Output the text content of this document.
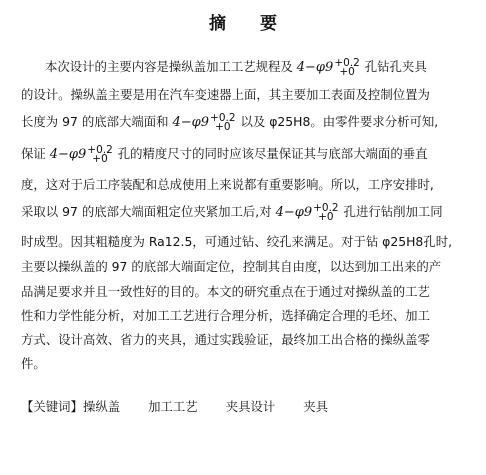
摘 要
本次设计的主要内容是操纵盖加工工艺规程及 4−φ9 +0.2
+0 孔钻孔夹具
的设计。操纵盖主要是用在汽车变速器上面，其主要加工表面及控制位置为
长度为 97 的底部大端面和 4−φ9 +0.2
+0 以及 φ25H8。由零件要求分析可知,
保证 4−φ9 +0.2
+0 孔的精度尺寸的同时应该尽量保证其与底部大端面的垂直
度，这对于后工序装配和总成使用上来说都有重要影响。所以，工序安排时,
采取以 97 的底部大端面粗定位夹紧加工后,对 4−φ9 +0.2
+0 孔进行钻削加工同
时成型。因其粗糙度为 Ra12.5，可通过钻、绞孔来满足。对于钻 φ25H8孔时,
主要以操纵盖的 97 的底部大端面定位，控制其自由度，以达到加工出来的产
品满足要求并且一致性好的目的。本文的研究重点在于通过对操纵盖的工艺
性和力学性能分析，对加工工艺进行合理分析，选择确定合理的毛坯、加工
方式、设计高效、省力的夹具，通过实践验证，最终加工出合格的操纵盖零
件。
【关键词】操纵盖 加工工艺 夹具设计 夹具
